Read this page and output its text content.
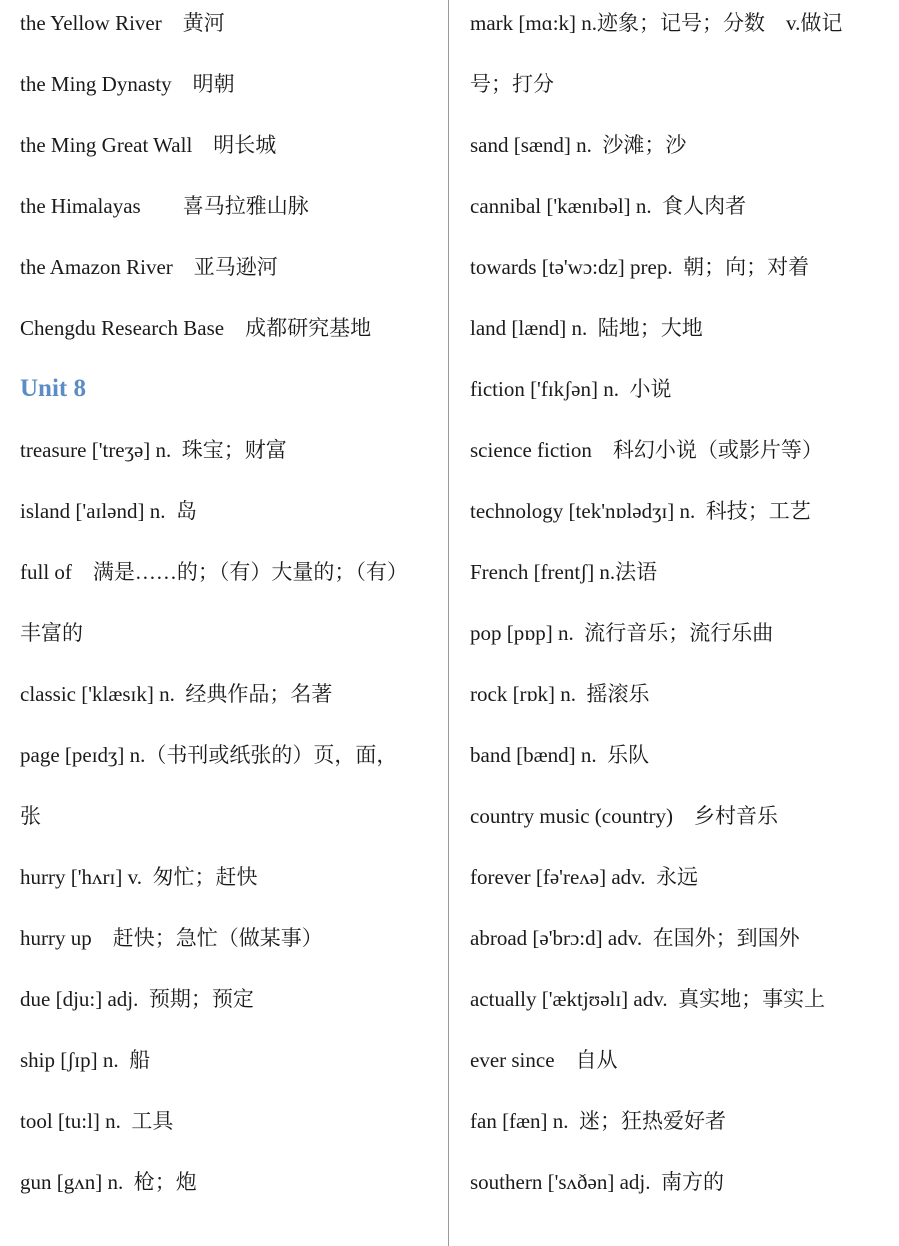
the Yellow River    黄河
the Ming Dynasty    明朝
the Ming Great Wall    明长城
the Himalayas        喜马拉雅山脉
the Amazon River    亚马逊河
Chengdu Research Base    成都研究基地
Unit 8
treasure ['treʒə] n.  珠宝；财富
island ['aɪlənd] n.  岛
full of    满是……的；（有）大量的；（有）
丰富的
classic ['klæsɪk] n.  经典作品；名著
page [peɪdʒ] n.（书刊或纸张的）页，面，
张
hurry ['hʌrɪ] v.  匆忙；赶快
hurry up    赶快；急忙（做某事）
due [dju:] adj.  预期；预定
ship [ʃɪp] n.  船
tool [tu:l] n.  工具
gun [gʌn] n.  枪；炮
mark [mɑ:k] n.迹象；记号；分数    v.做记
号；打分
sand [sænd] n.  沙滩；沙
cannibal ['kænɪbəl] n.  食人肉者
towards [tə'wɔ:dz] prep.  朝；向；对着
land [lænd] n.  陆地；大地
fiction ['fɪkʃən] n.  小说
science fiction    科幻小说（或影片等）
technology [tek'nɒlədʒɪ] n.  科技；工艺
French [frentʃ] n.法语
pop [pɒp] n.  流行音乐；流行乐曲
rock [rɒk] n.  摇滚乐
band [bænd] n.  乐队
country music (country)    乡村音乐
forever [fə'reʌə] adv.  永远
abroad [ə'brɔ:d] adv.  在国外；到国外
actually ['æktjʊəlɪ] adv.  真实地；事实上
ever since    自从
fan [fæn] n.  迷；狂热爱好者
southern ['sʌðən] adj.  南方的
